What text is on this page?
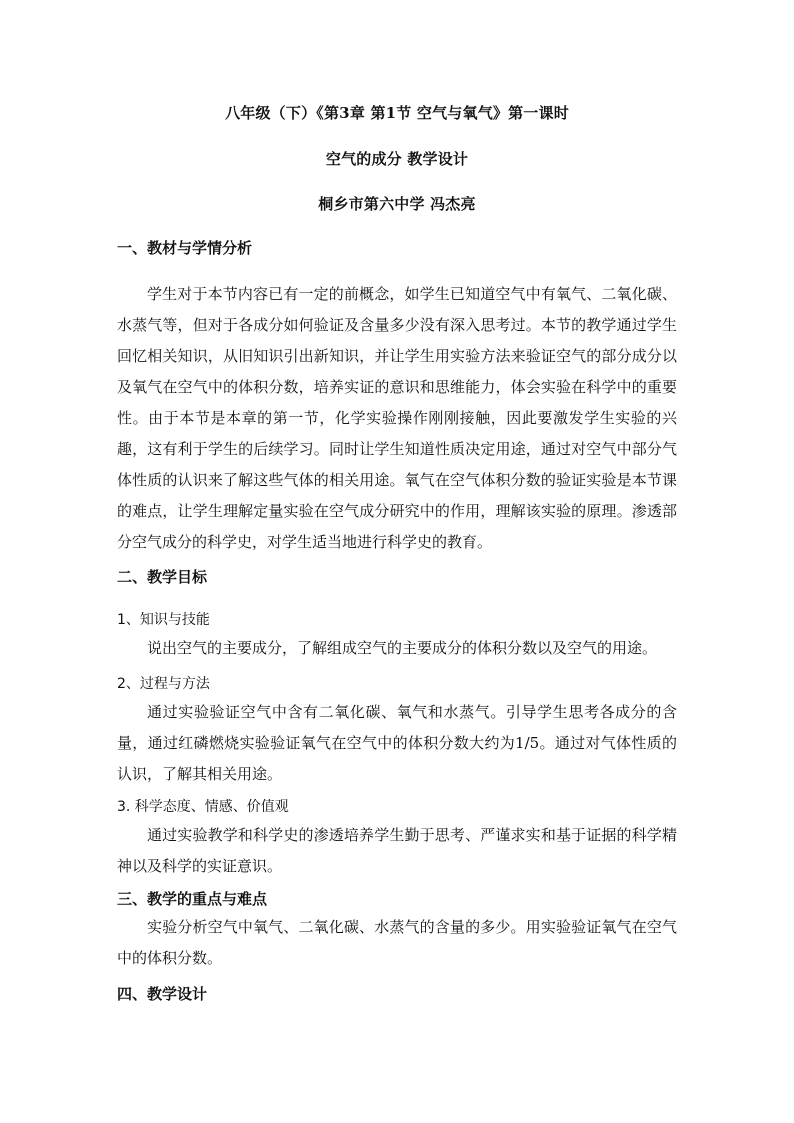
八年级（下）《第3章 第1节 空气与氧气》第一课时
空气的成分 教学设计
桐乡市第六中学 冯杰亮
一、教材与学情分析
学生对于本节内容已有一定的前概念，如学生已知道空气中有氧气、二氧化碳、水蒸气等，但对于各成分如何验证及含量多少没有深入思考过。本节的教学通过学生回忆相关知识，从旧知识引出新知识，并让学生用实验方法来验证空气的部分成分以及氧气在空气中的体积分数，培养实证的意识和思维能力，体会实验在科学中的重要性。由于本节是本章的第一节，化学实验操作刚刚接触，因此要激发学生实验的兴趣，这有利于学生的后续学习。同时让学生知道性质决定用途，通过对空气中部分气体性质的认识来了解这些气体的相关用途。氧气在空气体积分数的验证实验是本节课的难点，让学生理解定量实验在空气成分研究中的作用，理解该实验的原理。渗透部分空气成分的科学史，对学生适当地进行科学史的教育。
二、教学目标
1、知识与技能
说出空气的主要成分，了解组成空气的主要成分的体积分数以及空气的用途。
2、过程与方法
通过实验验证空气中含有二氧化碳、氧气和水蒸气。引导学生思考各成分的含量，通过红磷燃烧实验验证氧气在空气中的体积分数大约为1/5。通过对气体性质的认识，了解其相关用途。
3. 科学态度、情感、价值观
通过实验教学和科学史的渗透培养学生勤于思考、严谨求实和基于证据的科学精神以及科学的实证意识。
三、教学的重点与难点
实验分析空气中氧气、二氧化碳、水蒸气的含量的多少。用实验验证氧气在空气中的体积分数。
四、教学设计
